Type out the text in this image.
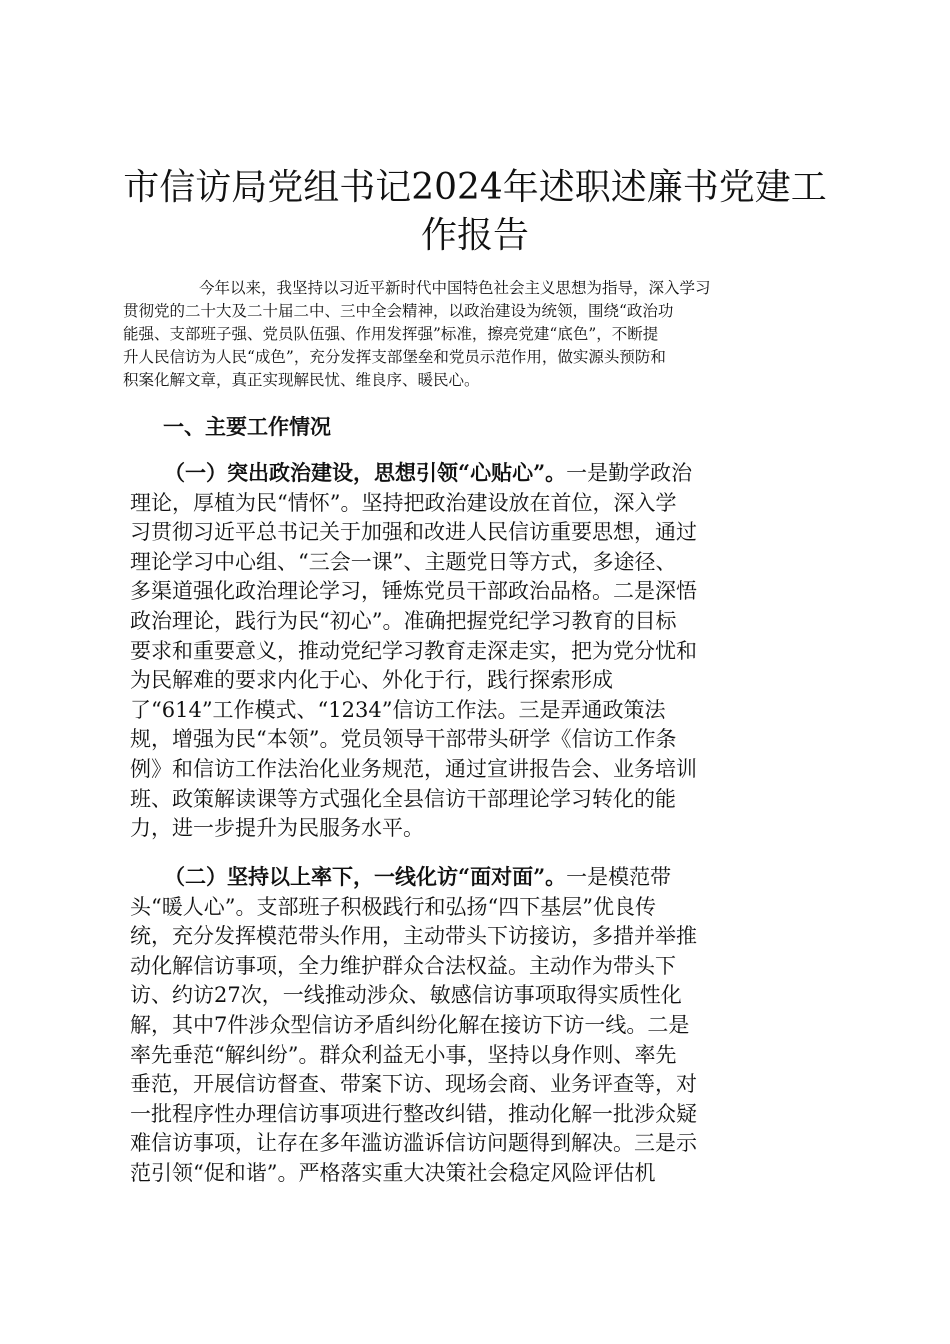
市信访局党组书记2024年述职述廉书党建工
作报告
今年以来，我坚持以习近平新时代中国特色社会主义思想为指导，深入学习
贯彻党的二十大及二十届二中、三中全会精神，以政治建设为统领，围绕“政治功
能强、支部班子强、党员队伍强、作用发挥强”标准，擦亮党建“底色”，不断提
升人民信访为人民“成色”，充分发挥支部堡垒和党员示范作用，做实源头预防和
积案化解文章，真正实现解民忧、维良序、暖民心。
一、主要工作情况
（一）突出政治建设，思想引领“心贴心”。一是勤学政治
理论，厚植为民“情怀”。坚持把政治建设放在首位，深入学
习贯彻习近平总书记关于加强和改进人民信访重要思想，通过
理论学习中心组、“三会一课”、主题党日等方式，多途径、
多渠道强化政治理论学习，锤炼党员干部政治品格。二是深悟
政治理论，践行为民“初心”。准确把握党纪学习教育的目标
要求和重要意义，推动党纪学习教育走深走实，把为党分忧和
为民解难的要求内化于心、外化于行，践行探索形成
了“614”工作模式、“1234”信访工作法。三是弄通政策法
规，增强为民“本领”。党员领导干部带头研学《信访工作条
例》和信访工作法治化业务规范，通过宣讲报告会、业务培训
班、政策解读课等方式强化全县信访干部理论学习转化的能
力，进一步提升为民服务水平。
（二）坚持以上率下，一线化访“面对面”。一是模范带
头“暖人心”。支部班子积极践行和弘扬“四下基层”优良传
统，充分发挥模范带头作用，主动带头下访接访，多措并举推
动化解信访事项，全力维护群众合法权益。主动作为带头下
访、约访27次，一线推动涉众、敏感信访事项取得实质性化
解，其中7件涉众型信访矛盾纠纷化解在接访下访一线。二是
率先垂范“解纠纷”。群众利益无小事，坚持以身作则、率先
垂范，开展信访督查、带案下访、现场会商、业务评查等，对
一批程序性办理信访事项进行整改纠错，推动化解一批涉众疑
难信访事项，让存在多年滥访滥诉信访问题得到解决。三是示
范引领“促和谐”。严格落实重大决策社会稳定风险评估机
